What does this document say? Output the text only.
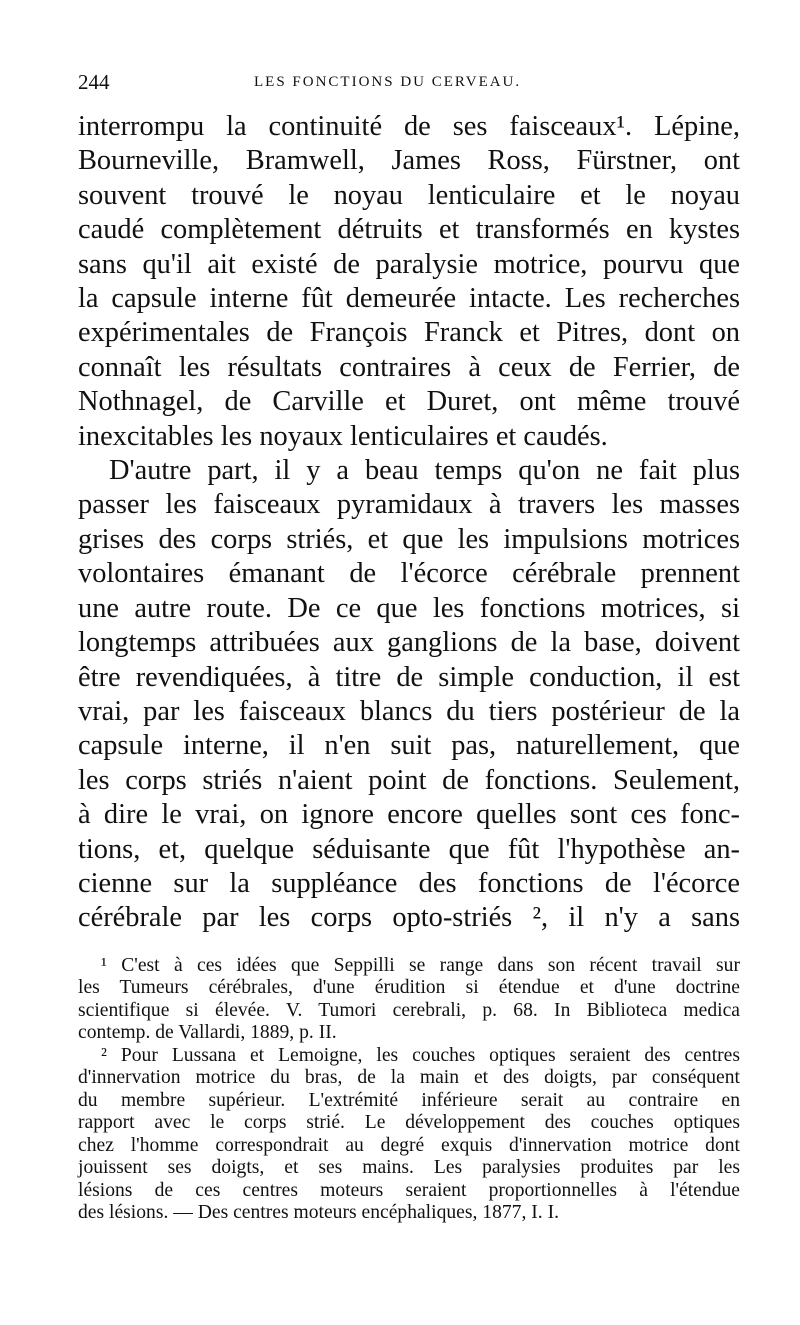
244	LES FONCTIONS DU CERVEAU.
interrompu la continuité de ses faisceaux¹. Lépine,
Bourneville, Bramwell, James Ross, Fürstner, ont
souvent trouvé le noyau lenticulaire et le noyau
caudé complètement détruits et transformés en kystes
sans qu'il ait existé de paralysie motrice, pourvu que
la capsule interne fût demeurée intacte. Les recherches
expérimentales de François Franck et Pitres, dont on
connaît les résultats contraires à ceux de Ferrier, de
Nothnagel, de Carville et Duret, ont même trouvé
inexcitables les noyaux lenticulaires et caudés.
D'autre part, il y a beau temps qu'on ne fait plus
passer les faisceaux pyramidaux à travers les masses
grises des corps striés, et que les impulsions motrices
volontaires émanant de l'écorce cérébrale prennent
une autre route. De ce que les fonctions motrices, si
longtemps attribuées aux ganglions de la base, doivent
être revendiquées, à titre de simple conduction, il est
vrai, par les faisceaux blancs du tiers postérieur de la
capsule interne, il n'en suit pas, naturellement, que
les corps striés n'aient point de fonctions. Seulement,
à dire le vrai, on ignore encore quelles sont ces fonc-
tions, et, quelque séduisante que fût l'hypothèse an-
cienne sur la suppléance des fonctions de l'écorce
cérébrale par les corps opto-striés ², il n'y a sans
¹ C'est à ces idées que Seppilli se range dans son récent travail sur
les Tumeurs cérébrales, d'une érudition si étendue et d'une doctrine
scientifique si élevée. V. Tumori cerebrali, p. 68. In Biblioteca medica
contemp. de Vallardi, 1889, p. II.
² Pour Lussana et Lemoigne, les couches optiques seraient des centres
d'innervation motrice du bras, de la main et des doigts, par conséquent
du membre supérieur. L'extrémité inférieure serait au contraire en
rapport avec le corps strié. Le développement des couches optiques
chez l'homme correspondrait au degré exquis d'innervation motrice dont
jouissent ses doigts, et ses mains. Les paralysies produites par les
lésions de ces centres moteurs seraient proportionnelles à l'étendue
des lésions. — Des centres moteurs encéphaliques, 1877, I. I.
